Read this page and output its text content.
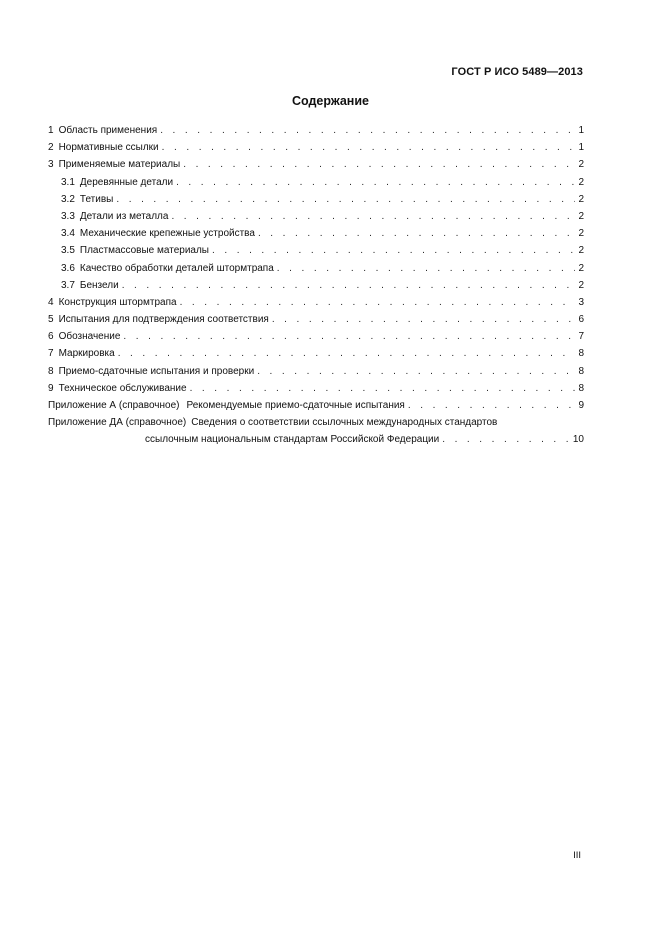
ГОСТ Р ИСО 5489—2013
Содержание
1 Область применения . . .	1
2 Нормативные ссылки . . .	1
3 Применяемые материалы . . .	2
3.1 Деревянные детали . . .	2
3.2 Тетивы . . .	2
3.3 Детали из металла . . .	2
3.4 Механические крепежные устройства . . .	2
3.5 Пластмассовые материалы . . .	2
3.6 Качество обработки деталей штормтрапа . . .	2
3.7 Бензели . . .	2
4 Конструкция штормтрапа . . .	3
5 Испытания для подтверждения соответствия . . .	6
6 Обозначение . . .	7
7 Маркировка . . .	8
8 Приемо-сдаточные испытания и проверки . . .	8
9 Техническое обслуживание . . .	8
Приложение А (справочное) Рекомендуемые приемо-сдаточные испытания . . .	9
Приложение ДА (справочное) Сведения о соответствии ссылочных международных стандартов
ссылочным национальным стандартам Российской Федерации . . .	10
III
